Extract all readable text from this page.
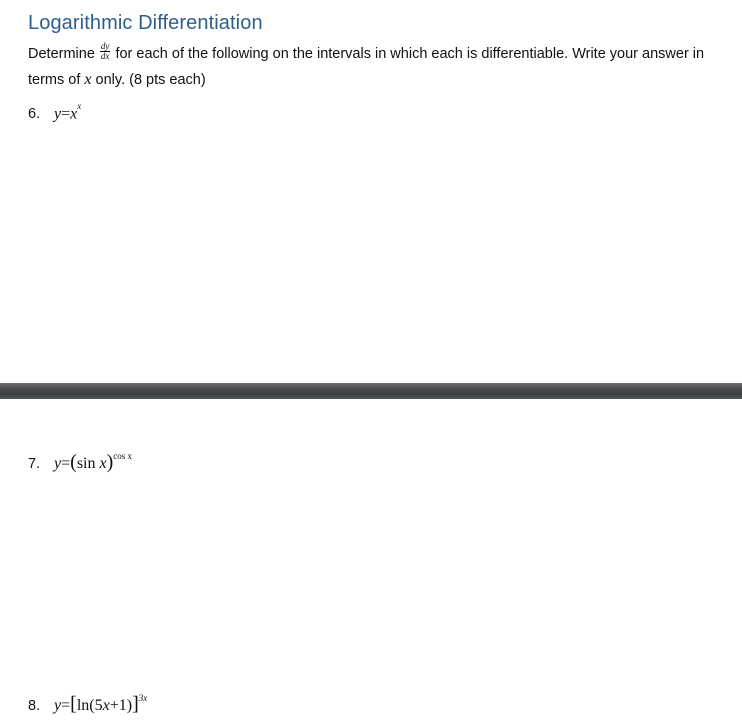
Logarithmic Differentiation

Determine $\frac{dy}{dx}$ for each of the following on the intervals in which each is differentiable. Write your answer in terms of x only. (8 pts each)

6. $y=x^x$
7. y=(sin x)$^{cos x}$
8. $y=[\ln(5x+1)]^{3x}$
